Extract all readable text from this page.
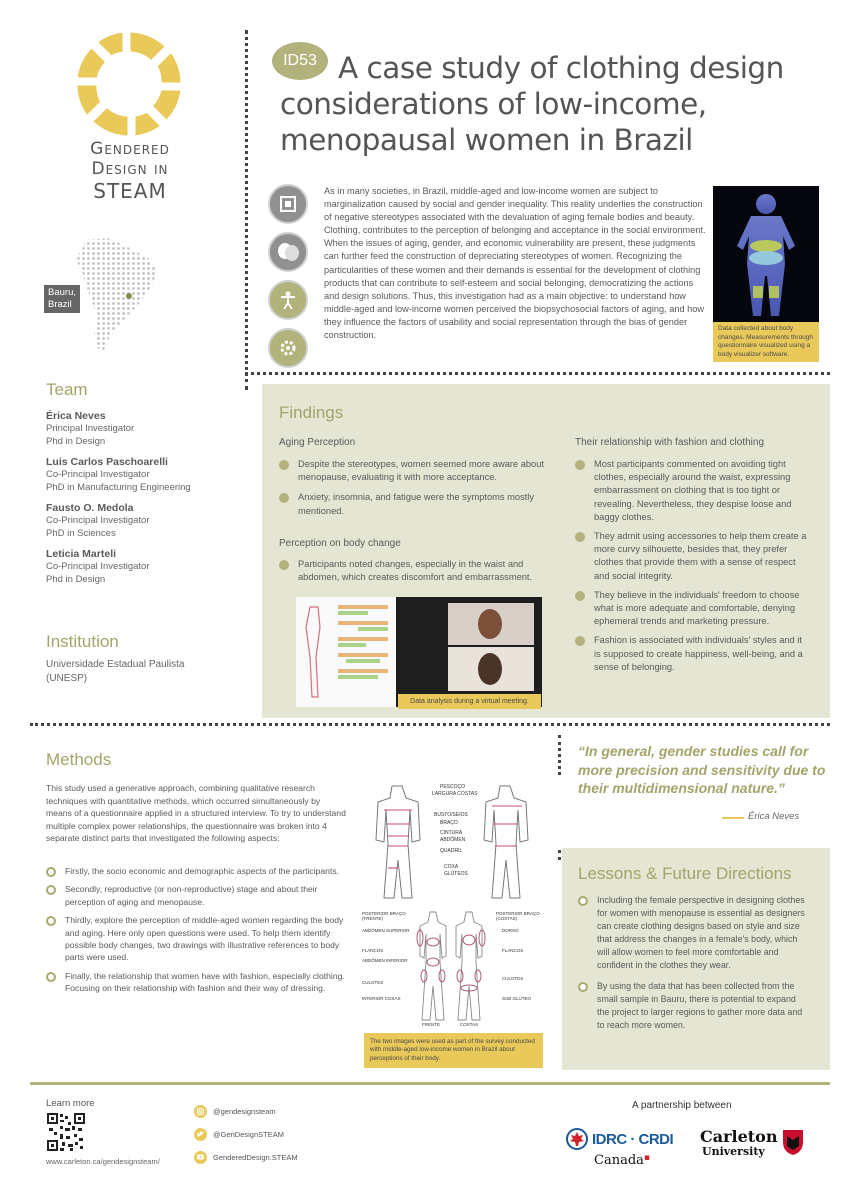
Gendered
Design in
STEAM
Bauru,
Brazil
ID53 A case study of clothing design considerations of low-income, menopausal women in Brazil
As in many societies, in Brazil, middle-aged and low-income women are subject to marginalization caused by social and gender inequality. This reality underlies the construction of negative stereotypes associated with the devaluation of aging female bodies and beauty. Clothing, contributes to the perception of belonging and acceptance in the social environment. When the issues of aging, gender, and economic vulnerability are present, these judgments can further feed the construction of depreciating stereotypes of women. Recognizing the particularities of these women and their demands is essential for the development of clothing products that can contribute to self-esteem and social belonging, democratizing the actions and design solutions. Thus, this investigation had as a main objective: to understand how middle-aged and low-income women perceived the biopsychosocial factors of aging, and how they influence the factors of usability and social representation through the bias of gender construction.
Data collected about body changes. Measurements through questionnaire visualized using a body visualizer software.
Team
Érica Neves
Principal Investigator
Phd in Design
Luis Carlos Paschoarelli
Co-Principal Investigator
PhD in Manufacturing Engineering
Fausto O. Medola
Co-Principal Investigator
PhD in Sciences
Leticia Marteli
Co-Principal Investigator
Phd in Design
Institution
Universidade Estadual Paulista (UNESP)
Findings
Aging Perception
Despite the stereotypes, women seemed more aware about menopause, evaluating it with more acceptance.
Anxiety, insomnia, and fatigue were the symptoms mostly mentioned.
Perception on body change
Participants noted changes, especially in the waist and abdomen, which creates discomfort and embarrassment.
Data analysis during a virtual meeting.
Their relationship with fashion and clothing
Most participants commented on avoiding tight clothes, especially around the waist, expressing embarrassment on clothing that is too tight or revealing. Nevertheless, they despise loose and baggy clothes.
They admit using accessories to help them create a more curvy silhouette, besides that, they prefer clothes that provide them with a sense of respect and social integrity.
They believe in the individuals' freedom to choose what is more adequate and comfortable, denying ephemeral trends and marketing pressure.
Fashion is associated with individuals' styles and it is supposed to create happiness, well-being, and a sense of belonging.
Methods
This study used a generative approach, combining qualitative research techniques with quantitative methods, which occurred simultaneously by means of a questionnaire applied in a structured interview. To try to understand multiple complex power relationships, the questionnaire was broken into 4 separate distinct parts that investigated the following aspects:
Firstly, the socio economic and demographic aspects of the participants.
Secondly, reproductive (or non-reproductive) stage and about their perception of aging and menopause.
Thirdly, explore the perception of middle-aged women regarding the body and aging. Here only open questions were used. To help them identify possible body changes, two drawings with illustrative references to body parts were used.
Finally, the relationship that women have with fashion, especially clothing. Focusing on their relationship with fashion and their way of dressing.
PESCOÇO
LARGURA COSTAS
BUSTO/SEIOS
BRAÇO
CINTURA
ABDÔMEN
QUADRIL
COXA
GLÚTEOS
POSTERIOR BRAÇO (FRENTE)
ABDÔMEN SUPERIOR
FLANCOS
ABDÔMEN INFERIOR
CULOTES
INTERIOR COXAS
POSTERIOR BRAÇO (COSTAS)
DORSO
FLANCOS
CULOTES
SUB GLÚTEO
FRENTE	COSTAS
The two images were used as part of the survey conducted with middle-aged low-income women in Brazil about perceptions of their body.
“In general, gender studies call for more precision and sensitivity due to their multidimensional nature.”
Érica Neves
Lessons & Future Directions
Including the female perspective in designing clothes for women with menopause is essential as designers can create clothing designs based on style and size that address the changes in a female's body, which will allow women to feel more comfortable and confident in the clothes they wear.
By using the data that has been collected from the small sample in Bauru, there is potential to expand the project to larger regions to gather more data and to reach more women.
Learn more
www.carleton.ca/gendesignsteam/
@gendesignsteam
@GenDesignSTEAM
GenderedDesign.STEAM
A partnership between
IDRC · CRDI
Canada▪
Carleton
University
